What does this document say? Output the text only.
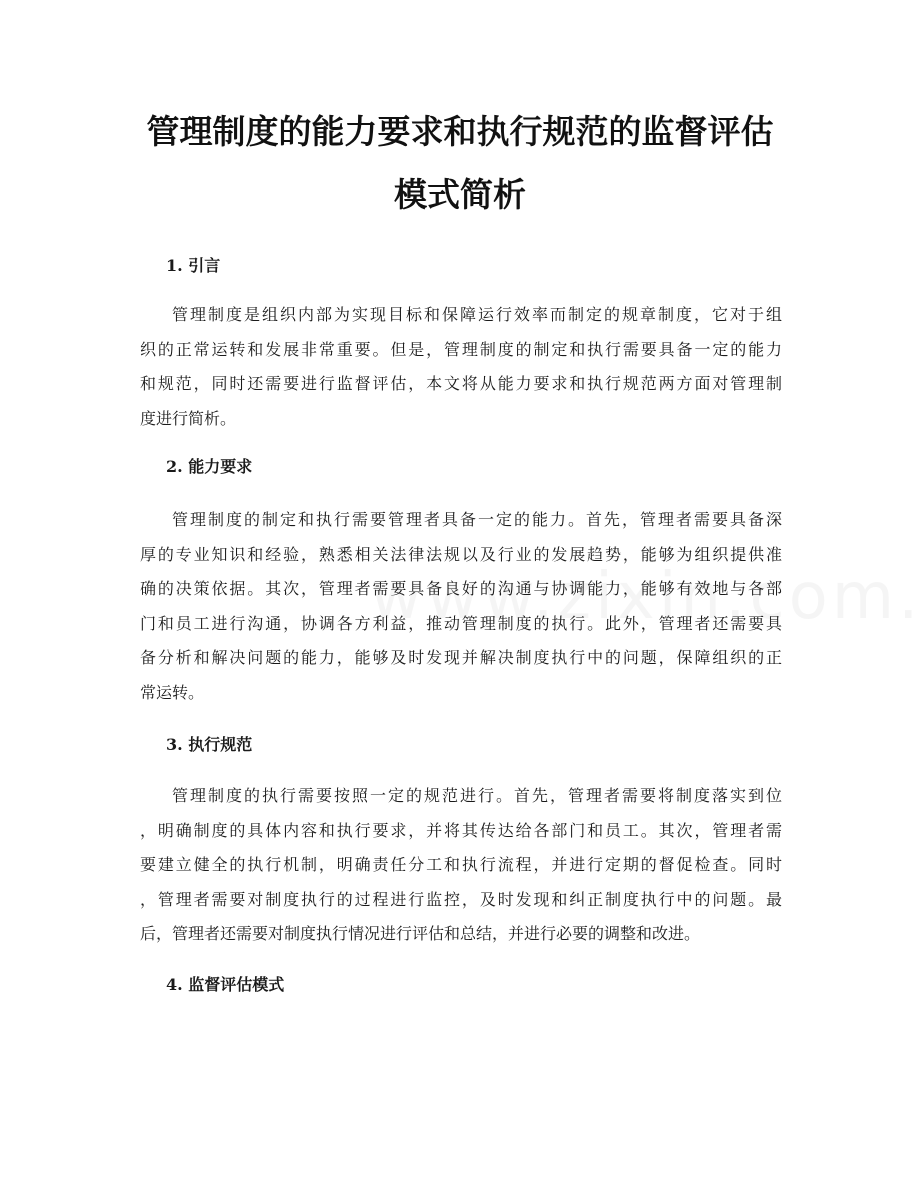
管理制度的能力要求和执行规范的监督评估
模式简析
1. 引言
管理制度是组织内部为实现目标和保障运行效率而制定的规章制度，它对于组
织的正常运转和发展非常重要。但是，管理制度的制定和执行需要具备一定的能力
和规范，同时还需要进行监督评估，本文将从能力要求和执行规范两方面对管理制
度进行简析。
2. 能力要求
管理制度的制定和执行需要管理者具备一定的能力。首先，管理者需要具备深
厚的专业知识和经验，熟悉相关法律法规以及行业的发展趋势，能够为组织提供准
确的决策依据。其次，管理者需要具备良好的沟通与协调能力，能够有效地与各部
门和员工进行沟通，协调各方利益，推动管理制度的执行。此外，管理者还需要具
备分析和解决问题的能力，能够及时发现并解决制度执行中的问题，保障组织的正
常运转。
3. 执行规范
管理制度的执行需要按照一定的规范进行。首先，管理者需要将制度落实到位
，明确制度的具体内容和执行要求，并将其传达给各部门和员工。其次，管理者需
要建立健全的执行机制，明确责任分工和执行流程，并进行定期的督促检查。同时
，管理者需要对制度执行的过程进行监控，及时发现和纠正制度执行中的问题。最
后，管理者还需要对制度执行情况进行评估和总结，并进行必要的调整和改进。
4. 监督评估模式
